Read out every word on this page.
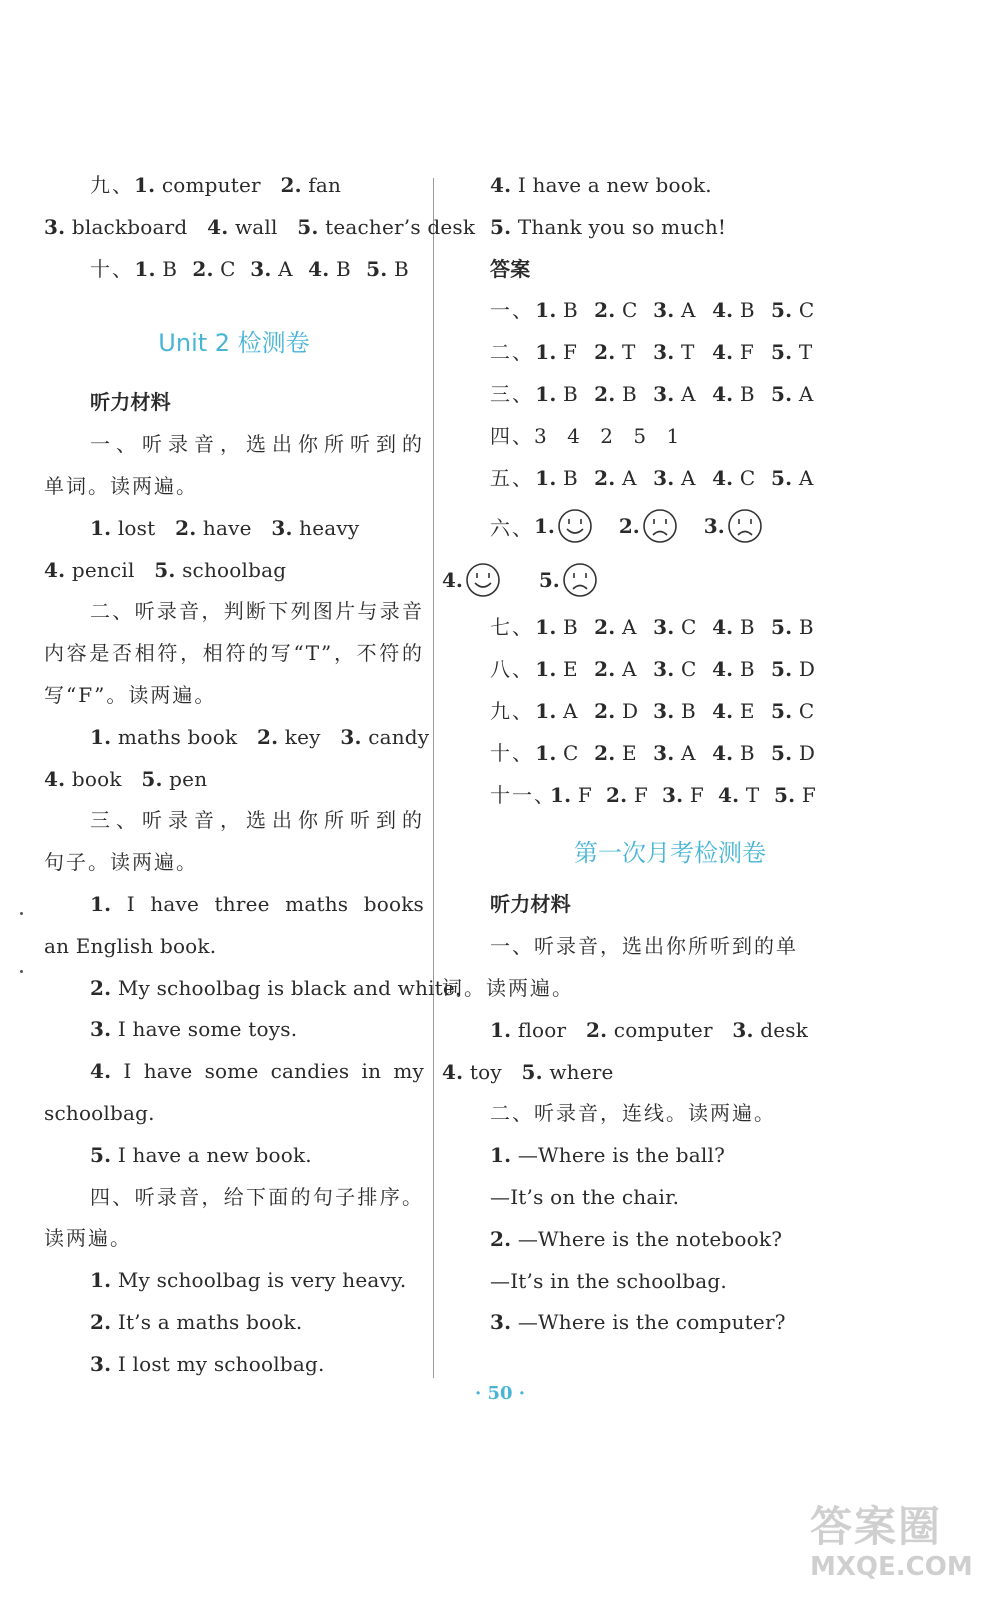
九、1. computer 2. fan
3. blackboard 4. wall 5. teacher’s desk
十、 1. B 2. C 3. A 4. B 5. B
Unit 2 检测卷
听力材料
一、听录音，选出你所听到的
单词。读两遍。
1. lost 2. have 3. heavy
4. pencil 5. schoolbag
二、听录音，判断下列图片与录音
内容是否相符，相符的写“T”，不符的
写“F”。读两遍。
1. maths book 2. key 3. candy
4. book 5. pen
三、听录音，选出你所听到的
句子。读两遍。
1. I have three maths books
an English book.
2. My schoolbag is black and white.
3. I have some toys.
4. I have some candies in my
schoolbag.
5. I have a new book.
四、听录音，给下面的句子排序。
读两遍。
1. My schoolbag is very heavy.
2. It’s a maths book.
3. I lost my schoolbag.
4. I have a new book.
5. Thank you so much!
答案
一、 1. B 2. C 3. A 4. B 5. C
二、 1. F 2. T 3. T 4. F 5. T
三、 1. B 2. B 3. A 4. B 5. A
四、3　4　2　5　1
五、 1. B 2. A 3. A 4. C 5. A
六、 1.	2.	3.
4.	5.
七、 1. B 2. A 3. C 4. B 5. B
八、 1. E 2. A 3. C 4. B 5. D
九、 1. A 2. D 3. B 4. E 5. C
十、 1. C 2. E 3. A 4. B 5. D
十一、
1. F 2. F 3. F 4. T 5. F
第一次月考检测卷
听力材料
一、听录音，选出你所听到的单
词。读两遍。
1. floor 2. computer 3. desk
4. toy 5. where
二、听录音，连线。读两遍。
1. —Where is the ball?
—It’s on the chair.
2. —Where is the notebook?
—It’s in the schoolbag.
3. —Where is the computer?
· 50 ·
答案圈
MXQE.COM
